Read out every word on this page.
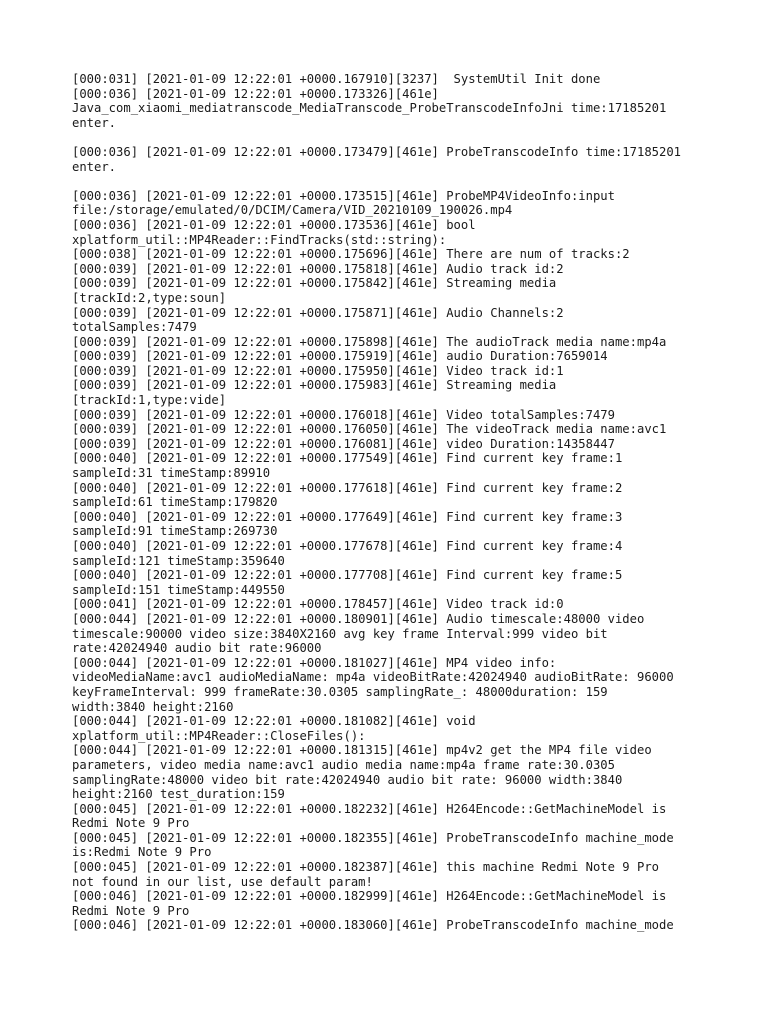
[000:031] [2021-01-09 12:22:01 +0000.167910][3237]  SystemUtil Init done
[000:036] [2021-01-09 12:22:01 +0000.173326][461e]
Java_com_xiaomi_mediatranscode_MediaTranscode_ProbeTranscodeInfoJni time:17185201
enter.
[000:036] [2021-01-09 12:22:01 +0000.173479][461e] ProbeTranscodeInfo time:17185201
enter.
[000:036] [2021-01-09 12:22:01 +0000.173515][461e] ProbeMP4VideoInfo:input
file:/storage/emulated/0/DCIM/Camera/VID_20210109_190026.mp4
[000:036] [2021-01-09 12:22:01 +0000.173536][461e] bool
xplatform_util::MP4Reader::FindTracks(std::string):
[000:038] [2021-01-09 12:22:01 +0000.175696][461e] There are num of tracks:2
[000:039] [2021-01-09 12:22:01 +0000.175818][461e] Audio track id:2
[000:039] [2021-01-09 12:22:01 +0000.175842][461e] Streaming media
[trackId:2,type:soun]
[000:039] [2021-01-09 12:22:01 +0000.175871][461e] Audio Channels:2
totalSamples:7479
[000:039] [2021-01-09 12:22:01 +0000.175898][461e] The audioTrack media name:mp4a
[000:039] [2021-01-09 12:22:01 +0000.175919][461e] audio Duration:7659014
[000:039] [2021-01-09 12:22:01 +0000.175950][461e] Video track id:1
[000:039] [2021-01-09 12:22:01 +0000.175983][461e] Streaming media
[trackId:1,type:vide]
[000:039] [2021-01-09 12:22:01 +0000.176018][461e] Video totalSamples:7479
[000:039] [2021-01-09 12:22:01 +0000.176050][461e] The videoTrack media name:avc1
[000:039] [2021-01-09 12:22:01 +0000.176081][461e] video Duration:14358447
[000:040] [2021-01-09 12:22:01 +0000.177549][461e] Find current key frame:1
sampleId:31 timeStamp:89910
[000:040] [2021-01-09 12:22:01 +0000.177618][461e] Find current key frame:2
sampleId:61 timeStamp:179820
[000:040] [2021-01-09 12:22:01 +0000.177649][461e] Find current key frame:3
sampleId:91 timeStamp:269730
[000:040] [2021-01-09 12:22:01 +0000.177678][461e] Find current key frame:4
sampleId:121 timeStamp:359640
[000:040] [2021-01-09 12:22:01 +0000.177708][461e] Find current key frame:5
sampleId:151 timeStamp:449550
[000:041] [2021-01-09 12:22:01 +0000.178457][461e] Video track id:0
[000:044] [2021-01-09 12:22:01 +0000.180901][461e] Audio timescale:48000 video
timescale:90000 video size:3840X2160 avg key frame Interval:999 video bit
rate:42024940 audio bit rate:96000
[000:044] [2021-01-09 12:22:01 +0000.181027][461e] MP4 video info:
videoMediaName:avc1 audioMediaName: mp4a videoBitRate:42024940 audioBitRate: 96000
keyFrameInterval: 999 frameRate:30.0305 samplingRate_: 48000duration: 159
width:3840 height:2160
[000:044] [2021-01-09 12:22:01 +0000.181082][461e] void
xplatform_util::MP4Reader::CloseFiles():
[000:044] [2021-01-09 12:22:01 +0000.181315][461e] mp4v2 get the MP4 file video
parameters, video media name:avc1 audio media name:mp4a frame rate:30.0305
samplingRate:48000 video bit rate:42024940 audio bit rate: 96000 width:3840
height:2160 test_duration:159
[000:045] [2021-01-09 12:22:01 +0000.182232][461e] H264Encode::GetMachineModel is
Redmi Note 9 Pro
[000:045] [2021-01-09 12:22:01 +0000.182355][461e] ProbeTranscodeInfo machine_mode
is:Redmi Note 9 Pro
[000:045] [2021-01-09 12:22:01 +0000.182387][461e] this machine Redmi Note 9 Pro
not found in our list, use default param!
[000:046] [2021-01-09 12:22:01 +0000.182999][461e] H264Encode::GetMachineModel is
Redmi Note 9 Pro
[000:046] [2021-01-09 12:22:01 +0000.183060][461e] ProbeTranscodeInfo machine_mode
